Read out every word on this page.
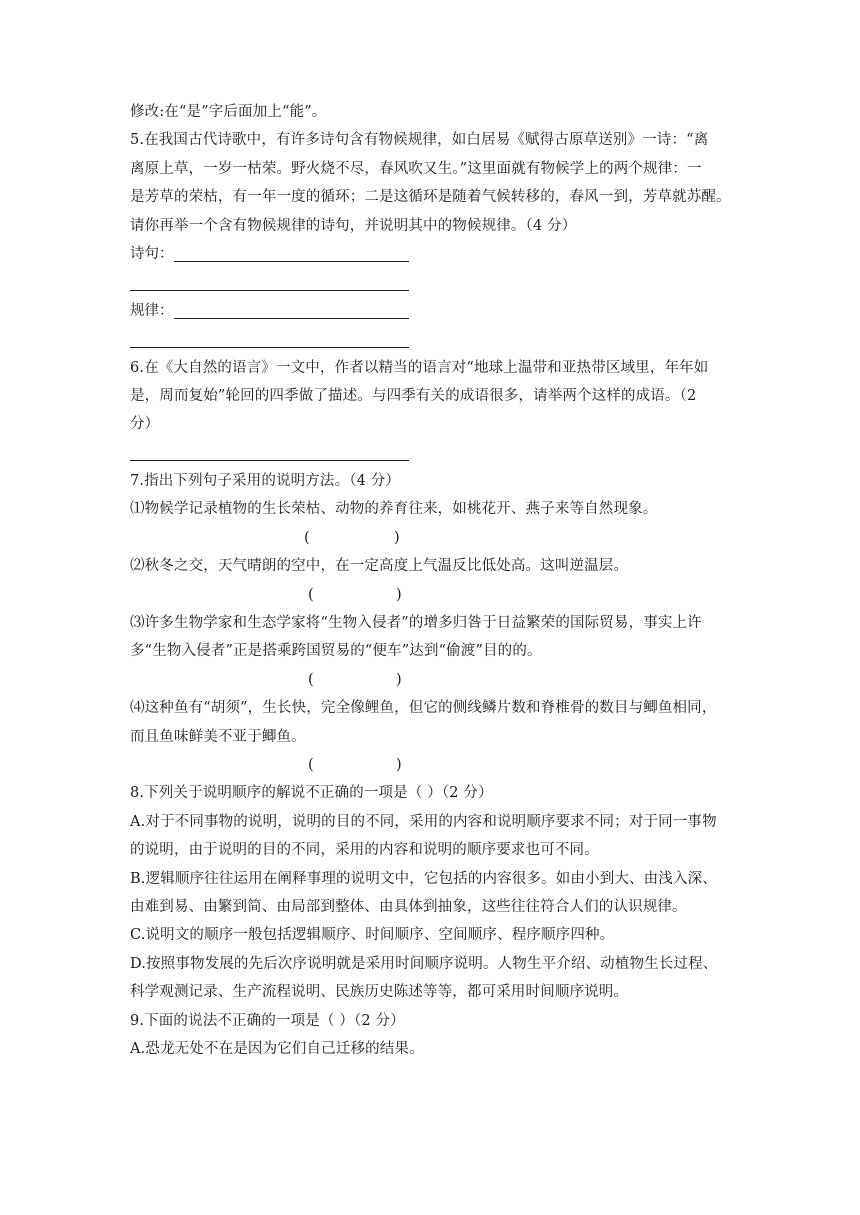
修改:在“是”字后面加上“能”。
5.在我国古代诗歌中，有许多诗句含有物候规律，如白居易《赋得古原草送别》一诗：“离
离原上草，一岁一枯荣。野火烧不尽，春风吹又生。”这里面就有物候学上的两个规律：一
是芳草的荣枯，有一年一度的循环；二是这循环是随着气候转移的，春风一到，芳草就苏醒。
请你再举一个含有物候规律的诗句，并说明其中的物候规律。（4 分）
诗句：
规律：
6.在《大自然的语言》一文中，作者以精当的语言对“地球上温带和亚热带区域里，年年如
是，周而复始”轮回的四季做了描述。与四季有关的成语很多，请举两个这样的成语。（2
分）
7.指出下列句子采用的说明方法。（4 分）
⑴物候学记录植物的生长荣枯、动物的养育往来，如桃花开、燕子来等自然现象。
(	)
⑵秋冬之交，天气晴朗的空中，在一定高度上气温反比低处高。这叫逆温层。
(	)
⑶许多生物学家和生态学家将“生物入侵者”的增多归咎于日益繁荣的国际贸易，事实上许
多“生物入侵者”正是搭乘跨国贸易的“便车”达到“偷渡”目的的。
(	)
⑷这种鱼有“胡须”，生长快，完全像鲤鱼，但它的侧线鳞片数和脊椎骨的数目与鲫鱼相同，
而且鱼味鲜美不亚于鲫鱼。
(	)
8.下列关于说明顺序的解说不正确的一项是（ ）（2 分）
A.对于不同事物的说明，说明的目的不同，采用的内容和说明顺序要求不同；对于同一事物
的说明，由于说明的目的不同，采用的内容和说明的顺序要求也可不同。
B.逻辑顺序往往运用在阐释事理的说明文中，它包括的内容很多。如由小到大、由浅入深、
由难到易、由繁到简、由局部到整体、由具体到抽象，这些往往符合人们的认识规律。
C.说明文的顺序一般包括逻辑顺序、时间顺序、空间顺序、程序顺序四种。
D.按照事物发展的先后次序说明就是采用时间顺序说明。人物生平介绍、动植物生长过程、
科学观测记录、生产流程说明、民族历史陈述等等，都可采用时间顺序说明。
9.下面的说法不正确的一项是（ ）（2 分）
A.恐龙无处不在是因为它们自己迁移的结果。
